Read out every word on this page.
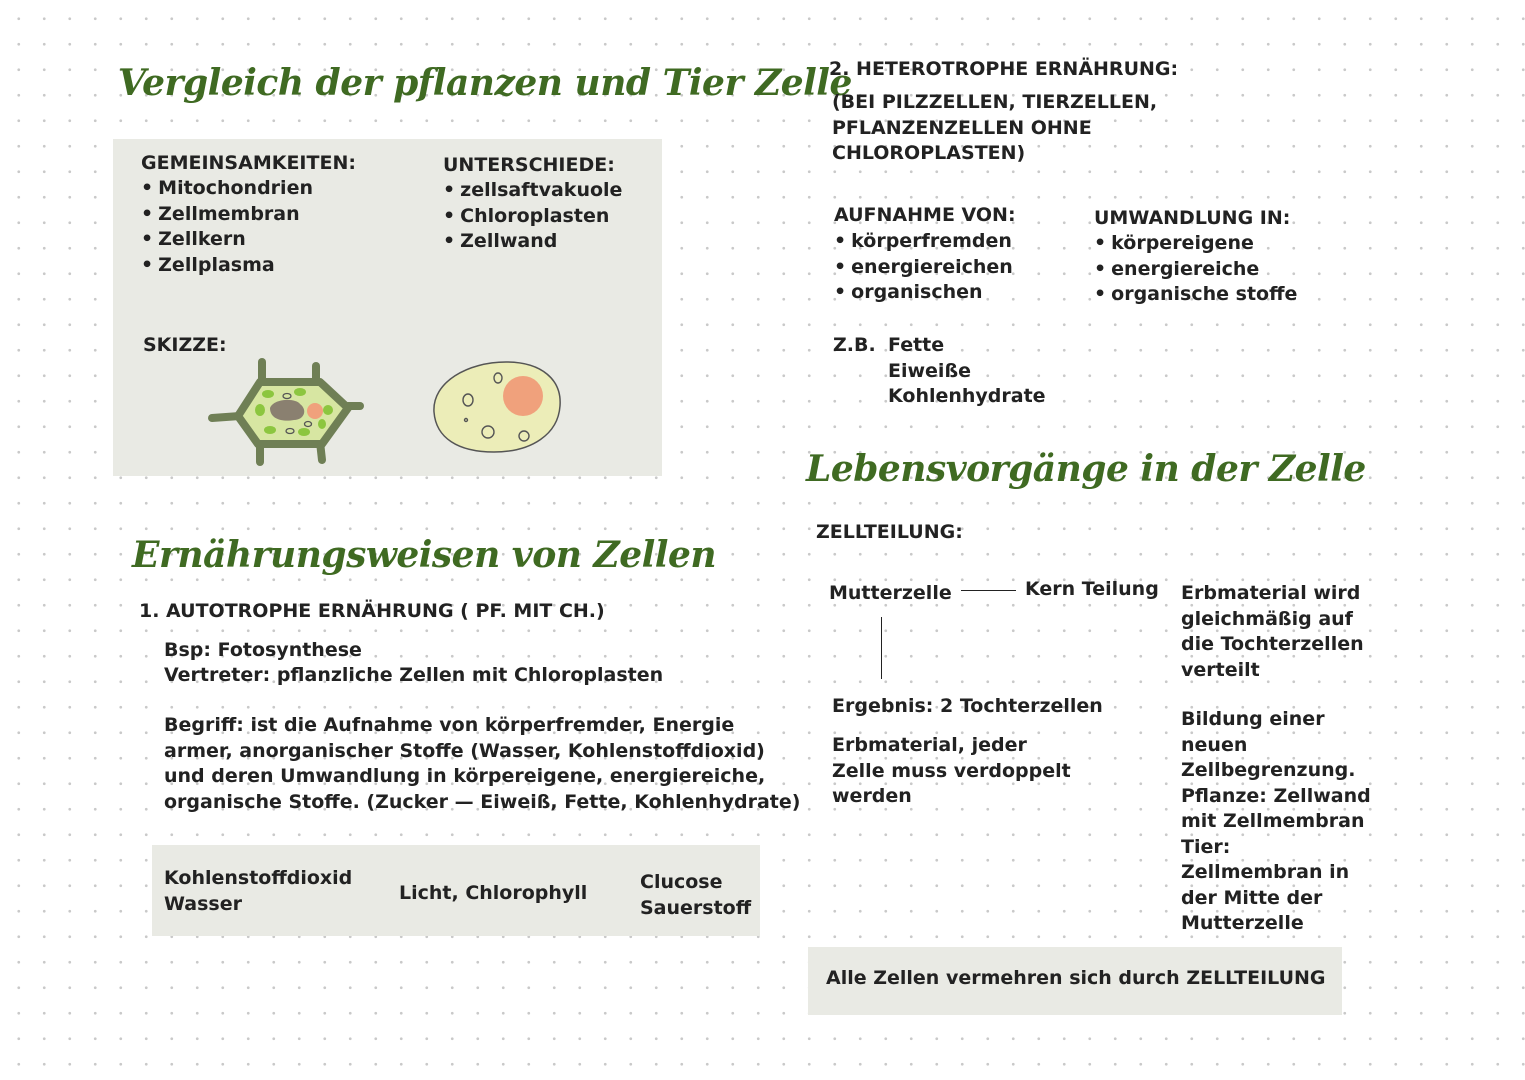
Vergleich der pflanzen und Tier Zelle
GEMEINSAMKEITEN:
• Mitochondrien
• Zellmembran
• Zellkern
• Zellplasma
UNTERSCHIEDE:
• zellsaftvakuole
• Chloroplasten
• Zellwand
SKIZZE:
Ernährungsweisen von Zellen
1. AUTOTROPHE ERNÄHRUNG ( PF. MIT CH.)
Bsp: Fotosynthese
Vertreter: pflanzliche Zellen mit Chloroplasten
Begriff: ist die Aufnahme von körperfremder, Energie
armer, anorganischer Stoffe (Wasser, Kohlenstoffdioxid)
und deren Umwandlung in körpereigene, energiereiche,
organische Stoffe. (Zucker — Eiweiß, Fette, Kohlenhydrate)
Kohlenstoffdioxid
Wasser	Licht, Chlorophyll	Clucose
Sauerstoff
2. HETEROTROPHE ERNÄHRUNG:
(BEI PILZZELLEN, TIERZELLEN,
PFLANZENZELLEN OHNE
CHLOROPLASTEN)
AUFNAHME VON:
• körperfremden
• energiereichen
• organischen
UMWANDLUNG IN:
• körpereigene
• energiereiche
• organische stoffe
Z.B. Fette
Eiweiße
Kohlenhydrate
Lebensvorgänge in der Zelle
ZELLTEILUNG:
Mutterzelle	Kern Teilung Erbmaterial wird
gleichmäßig auf
die Tochterzellen
verteilt
Ergebnis: 2 Tochterzellen
Erbmaterial, jeder
Zelle muss verdoppelt
werden
Bildung einer
neuen
Zellbegrenzung.
Pflanze: Zellwand
mit Zellmembran
Tier:
Zellmembran in
der Mitte der
Mutterzelle
Alle Zellen vermehren sich durch ZELLTEILUNG
